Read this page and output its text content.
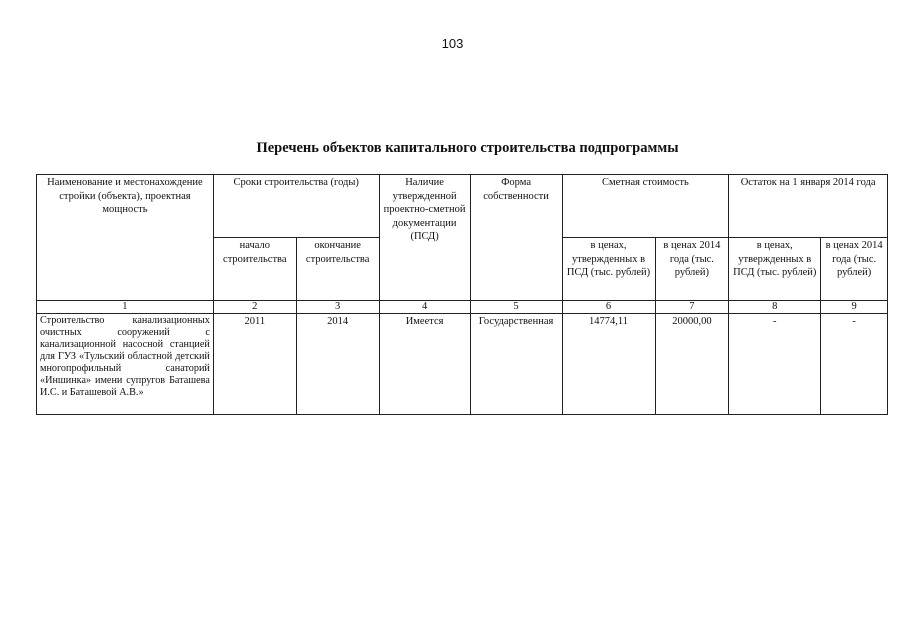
103
Перечень объектов капитального строительства подпрограммы
Наименование и местонахождение стройки (объекта), проектная мощность	Сроки строительства (годы)		Наличие утвержденной проектно-сметной документации (ПСД)	Форма собственности	Сметная стоимость		Остаток на 1 января 2014 года	
	начало строительства	окончание строительства			в ценах, утвержденных в ПСД (тыс. рублей)	в ценах 2014 года (тыс. рублей)	в ценах, утвержденных в ПСД (тыс. рублей)	в ценах 2014 года (тыс. рублей)
1	2	3	4	5	6	7	8	9
Строительство канализационных очистных сооружений с канализационной насосной станцией для ГУЗ «Тульский областной детский многопрофильный санаторий «Иншинка» имени супругов Баташева И.С. и Баташевой А.В.»	2011	2014	Имеется	Государственная	14774,11	20000,00	-	-
